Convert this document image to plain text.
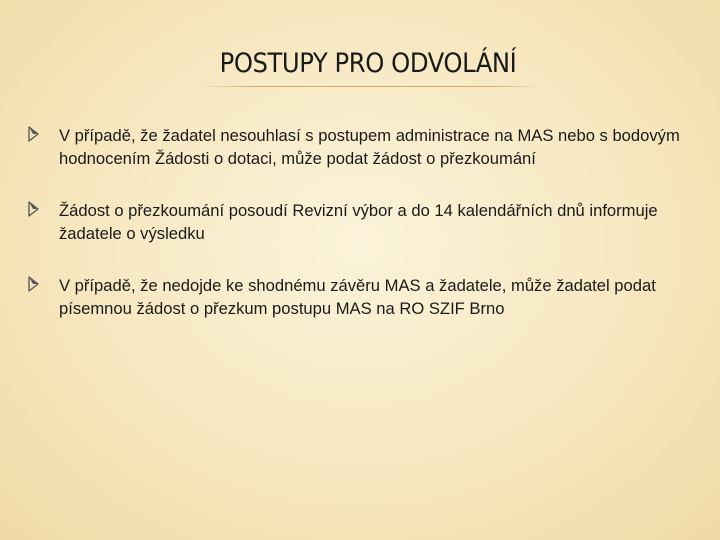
POSTUPY PRO ODVOLÁNÍ
V případě, že žadatel nesouhlasí s postupem administrace na MAS nebo s bodovým hodnocením Žádosti o dotaci, může podat žádost o přezkoumání
Žádost o přezkoumání posoudí Revizní výbor a do 14 kalendářních dnů informuje žadatele o výsledku
V případě, že nedojde ke shodnému závěru MAS a žadatele, může žadatel podat písemnou žádost o přezkum postupu MAS na RO SZIF Brno
